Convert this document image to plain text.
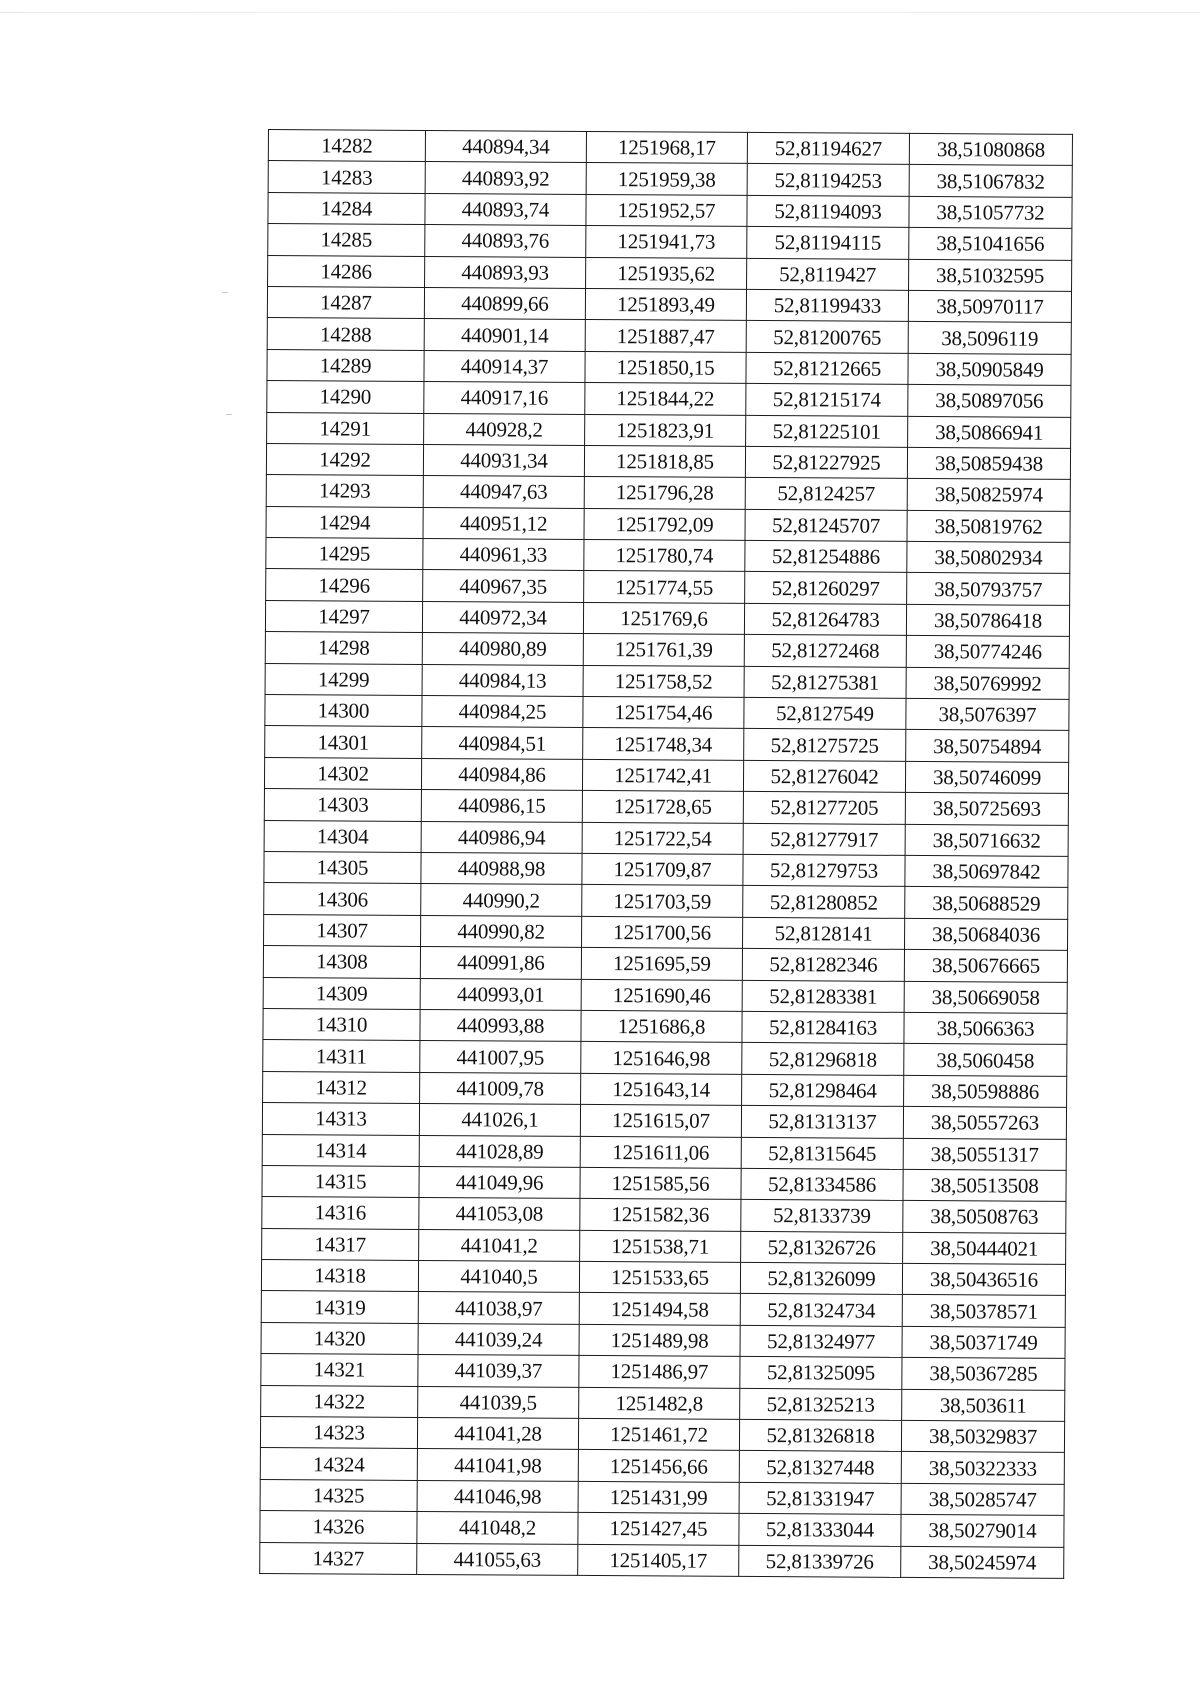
14282	440894,34	1251968,17	52,81194627	38,51080868
14283	440893,92	1251959,38	52,81194253	38,51067832
14284	440893,74	1251952,57	52,81194093	38,51057732
14285	440893,76	1251941,73	52,81194115	38,51041656
14286	440893,93	1251935,62	52,8119427	38,51032595
14287	440899,66	1251893,49	52,81199433	38,50970117
14288	440901,14	1251887,47	52,81200765	38,5096119
14289	440914,37	1251850,15	52,81212665	38,50905849
14290	440917,16	1251844,22	52,81215174	38,50897056
14291	440928,2	1251823,91	52,81225101	38,50866941
14292	440931,34	1251818,85	52,81227925	38,50859438
14293	440947,63	1251796,28	52,8124257	38,50825974
14294	440951,12	1251792,09	52,81245707	38,50819762
14295	440961,33	1251780,74	52,81254886	38,50802934
14296	440967,35	1251774,55	52,81260297	38,50793757
14297	440972,34	1251769,6	52,81264783	38,50786418
14298	440980,89	1251761,39	52,81272468	38,50774246
14299	440984,13	1251758,52	52,81275381	38,50769992
14300	440984,25	1251754,46	52,8127549	38,5076397
14301	440984,51	1251748,34	52,81275725	38,50754894
14302	440984,86	1251742,41	52,81276042	38,50746099
14303	440986,15	1251728,65	52,81277205	38,50725693
14304	440986,94	1251722,54	52,81277917	38,50716632
14305	440988,98	1251709,87	52,81279753	38,50697842
14306	440990,2	1251703,59	52,81280852	38,50688529
14307	440990,82	1251700,56	52,8128141	38,50684036
14308	440991,86	1251695,59	52,81282346	38,50676665
14309	440993,01	1251690,46	52,81283381	38,50669058
14310	440993,88	1251686,8	52,81284163	38,5066363
14311	441007,95	1251646,98	52,81296818	38,5060458
14312	441009,78	1251643,14	52,81298464	38,50598886
14313	441026,1	1251615,07	52,81313137	38,50557263
14314	441028,89	1251611,06	52,81315645	38,50551317
14315	441049,96	1251585,56	52,81334586	38,50513508
14316	441053,08	1251582,36	52,8133739	38,50508763
14317	441041,2	1251538,71	52,81326726	38,50444021
14318	441040,5	1251533,65	52,81326099	38,50436516
14319	441038,97	1251494,58	52,81324734	38,50378571
14320	441039,24	1251489,98	52,81324977	38,50371749
14321	441039,37	1251486,97	52,81325095	38,50367285
14322	441039,5	1251482,8	52,81325213	38,503611
14323	441041,28	1251461,72	52,81326818	38,50329837
14324	441041,98	1251456,66	52,81327448	38,50322333
14325	441046,98	1251431,99	52,81331947	38,50285747
14326	441048,2	1251427,45	52,81333044	38,50279014
14327	441055,63	1251405,17	52,81339726	38,50245974
